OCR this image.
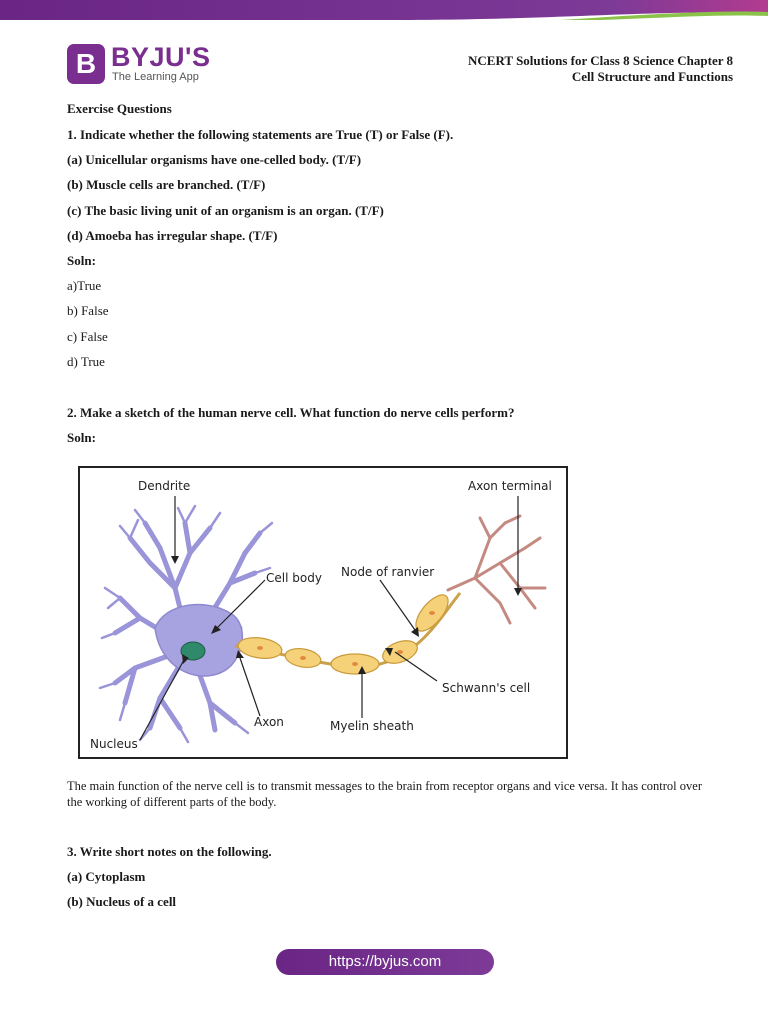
B BYJU'S
The Learning App
NCERT Solutions for Class 8 Science Chapter 8
Cell Structure and Functions
Exercise Questions
1. Indicate whether the following statements are True (T) or False (F).
(a) Unicellular organisms have one-celled body. (T/F)
(b) Muscle cells are branched. (T/F)
(c) The basic living unit of an organism is an organ. (T/F)
(d) Amoeba has irregular shape. (T/F)
Soln:
a)True
b) False
c) False
d) True
2. Make a sketch of the human nerve cell. What function do nerve cells perform?
Soln:
Dendrite	Axon terminal
Cell body Node of ranvier
Schwann's cell
Nucleus
Axon	Myelin sheath
The main function of the nerve cell is to transmit messages to the brain from receptor organs and vice versa. It has control over the working of different parts of the body.
3. Write short notes on the following.
(a) Cytoplasm
(b) Nucleus of a cell
https://byjus.com
